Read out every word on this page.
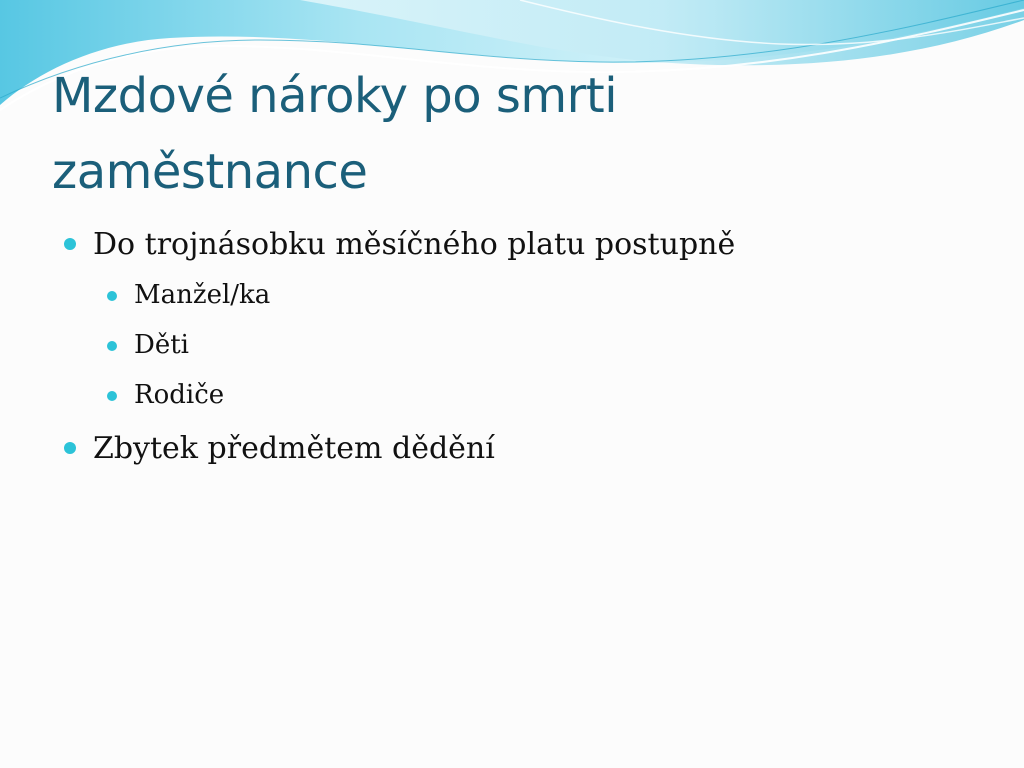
Mzdové nároky po smrti
zaměstnance
Do trojnásobku měsíčného platu postupně
Manžel/ka
Děti
Rodiče
Zbytek předmětem dědění
